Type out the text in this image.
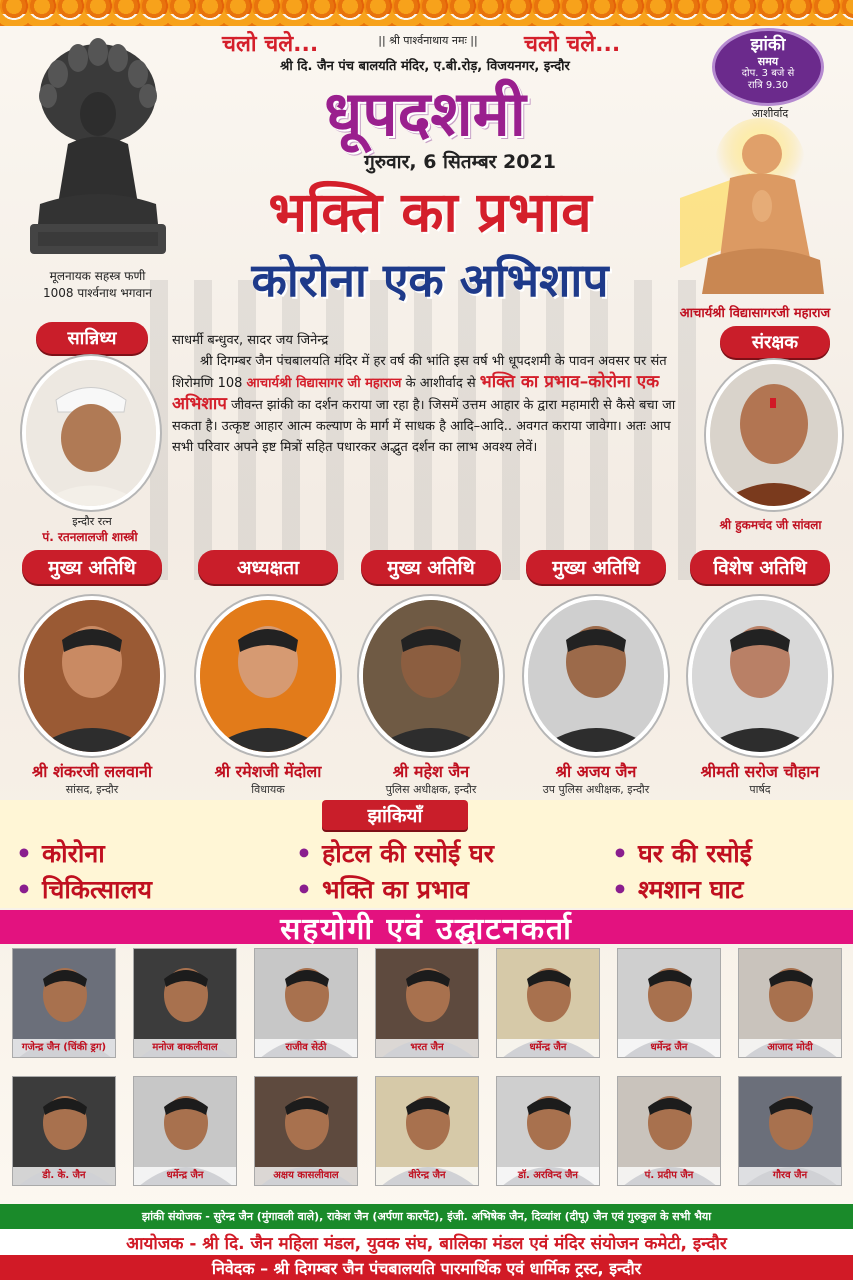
मूलनायक सहस्त्र फणी
1008 पार्श्वनाथ भगवान
चलो चले...	चलो चले...
|| श्री पार्श्वनाथाय नमः ||
श्री दि. जैन पंच बालयति मंदिर, ए.बी.रोड़, विजयनगर, इन्दौर
झांकी
समय
दोप. 3 बजे से
रात्रि 9.30
आशीर्वाद
आचार्यश्री विद्यासागरजी महाराज
धूपदशमी
गुरुवार, 6 सितम्बर 2021
भक्ति का प्रभाव
कोरोना एक अभिशाप
सान्निध्य
इन्दौर रत्न
पं. रतनलालजी शास्त्री
संरक्षक
श्री हुकमचंद जी सांवला
साधर्मी बन्धुवर, सादर जय जिनेन्द्र
श्री दिगम्बर जैन पंचबालयति मंदिर में हर वर्ष की भांति इस वर्ष भी धूपदशमी के पावन अवसर पर संत शिरोमणि 108 आचार्यश्री विद्यासागर जी महाराज के आशीर्वाद से भक्ति का प्रभाव–कोरोना एक अभिशाप जीवन्त झांकी का दर्शन कराया जा रहा है। जिसमें उत्तम आहार के द्वारा महामारी से कैसे बचा जा सकता है। उत्कृष्ट आहार आत्म कल्याण के मार्ग में साधक है आदि–आदि.. अवगत कराया जावेगा। अतः आप सभी परिवार अपने इष्ट मित्रों सहित पधारकर अद्भुत दर्शन का लाभ अवश्य लेवें।
मुख्य अतिथि	अध्यक्षता	मुख्य अतिथि	मुख्य अतिथि	विशेष अतिथि
श्री शंकरजी ललवानी
सांसद, इन्दौर
श्री रमेशजी मेंदोला
विधायक
श्री महेश जैन
पुलिस अधीक्षक, इन्दौर
श्री अजय जैन
उप पुलिस अधीक्षक, इन्दौर
श्रीमती सरोज चौहान
पार्षद
झांकियाँ
• कोरोना	• होटल की रसोई घर	• घर की रसोई
• चिकित्सालय	• भक्ति का प्रभाव	• श्मशान घाट
सहयोगी एवं उद्घाटनकर्ता
गजेन्द्र जैन (चिंकी ड्रग)	मनोज बाकलीवाल	राजीव सेठी	भरत जैन	धर्मेन्द्र जैन	धर्मेन्द्र जैन	आजाद मोदी
डी. के. जैन	धर्मेन्द्र जैन	अक्षय कासलीवाल	वीरेन्द्र जैन	डॉ. अरविन्द जैन	पं. प्रदीप जैन	गौरव जैन
झांकी संयोजक - सुरेन्द्र जैन (मुंगावली वाले), राकेश जैन (अर्पणा कारपेंट), इंजी. अभिषेक जैन, दिव्यांश (दीपू) जैन एवं गुरुकुल के सभी भैया
आयोजक - श्री दि. जैन महिला मंडल, युवक संघ, बालिका मंडल एवं मंदिर संयोजन कमेटी, इन्दौर
निवेदक – श्री दिगम्बर जैन पंचबालयति पारमार्थिक एवं धार्मिक ट्रस्ट, इन्दौर
